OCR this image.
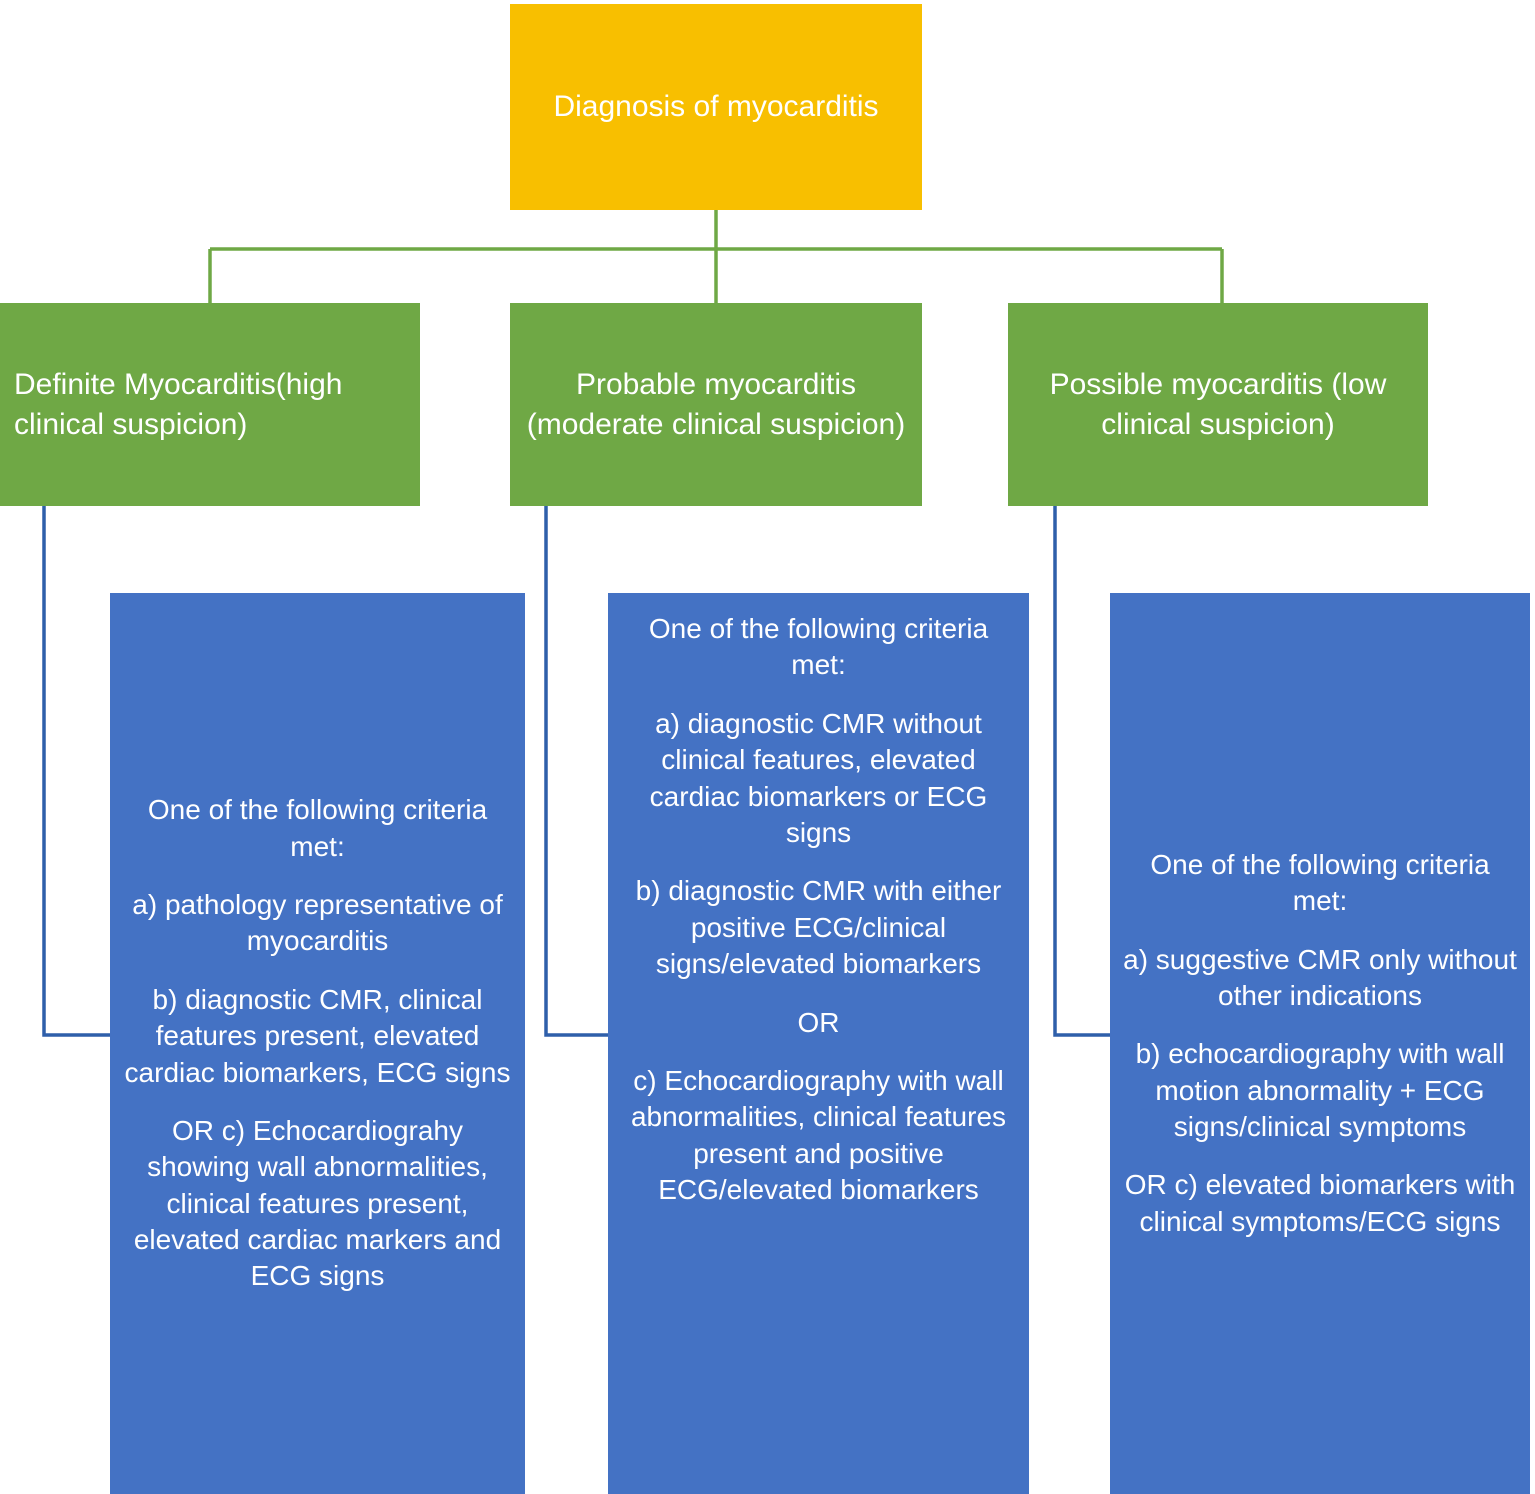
Diagnosis of myocarditis
Definite Myocarditis(high clinical suspicion)
Probable myocarditis (moderate clinical suspicion)
Possible myocarditis (low clinical suspicion)

One of the following criteria met:

a) pathology representative of myocarditis

b) diagnostic CMR, clinical features present, elevated cardiac biomarkers, ECG signs

OR c) Echocardiograhy showing wall abnormalities, clinical features present, elevated cardiac markers and ECG signs

One of the following criteria met:

a) diagnostic CMR without clinical features, elevated cardiac biomarkers or ECG signs

b) diagnostic CMR with either positive ECG/clinical signs/elevated biomarkers

OR

c) Echocardiography with wall abnormalities, clinical features present and positive ECG/elevated biomarkers

One of the following criteria met:

a) suggestive CMR only without other indications

b) echocardiography with wall motion abnormality + ECG signs/clinical symptoms

OR c) elevated biomarkers with clinical symptoms/ECG signs
